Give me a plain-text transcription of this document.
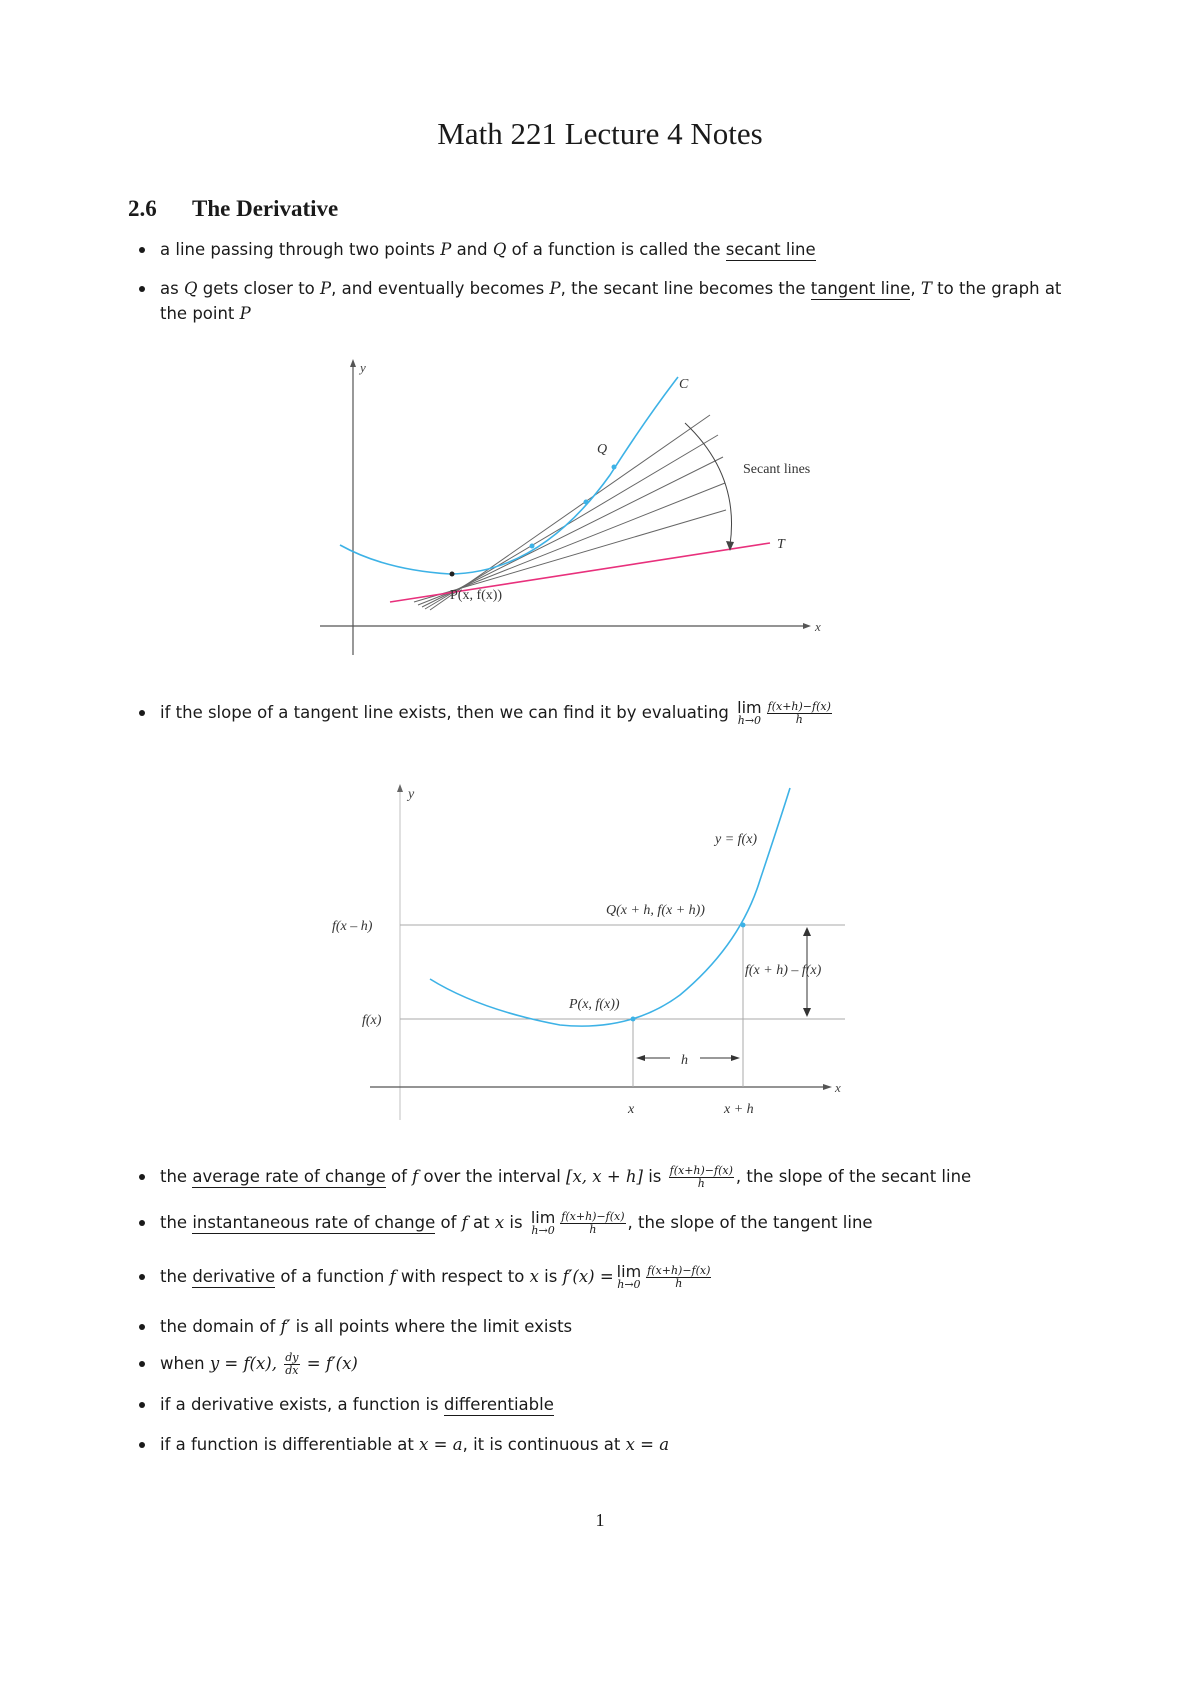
Math 221 Lecture 4 Notes
2.6 The Derivative
a line passing through two points P and Q of a function is called the secant line
as Q gets closer to P, and eventually becomes P, the secant line becomes the tangent line, T to the graph at the point P
y
x
C
Q
Secant lines
T
P(x, f(x))
if the slope of a tangent line exists, then we can find it by evaluating lim
$h\to 0 \frac{f(x+h)-f(x)}{h}$
y
x
h
y = f(x)
Q(x + h, f(x + h))
P(x, f(x))
f(x – h)
f(x)
f(x + h) – f(x)
x	x + h
the average rate of change of f over the interval [x, x + h] is $\frac{f(x+h)-f(x)}{h}$ , the slope of the secant line
the instantaneous rate of change of f at x is lim
$h\to 0 \frac{f(x+h)-f(x)}{h}$ , the slope of the tangent line
the derivative of a function f with respect to x is f′(x) = lim
$h\to 0 \frac{f(x+h)-f(x)}{h}$
the domain of f′ is all points where the limit exists
when y = f(x), $\frac{dy}{dx} = f'(x)$
if a derivative exists, a function is differentiable
if a function is differentiable at x = a, it is continuous at x = a
1
